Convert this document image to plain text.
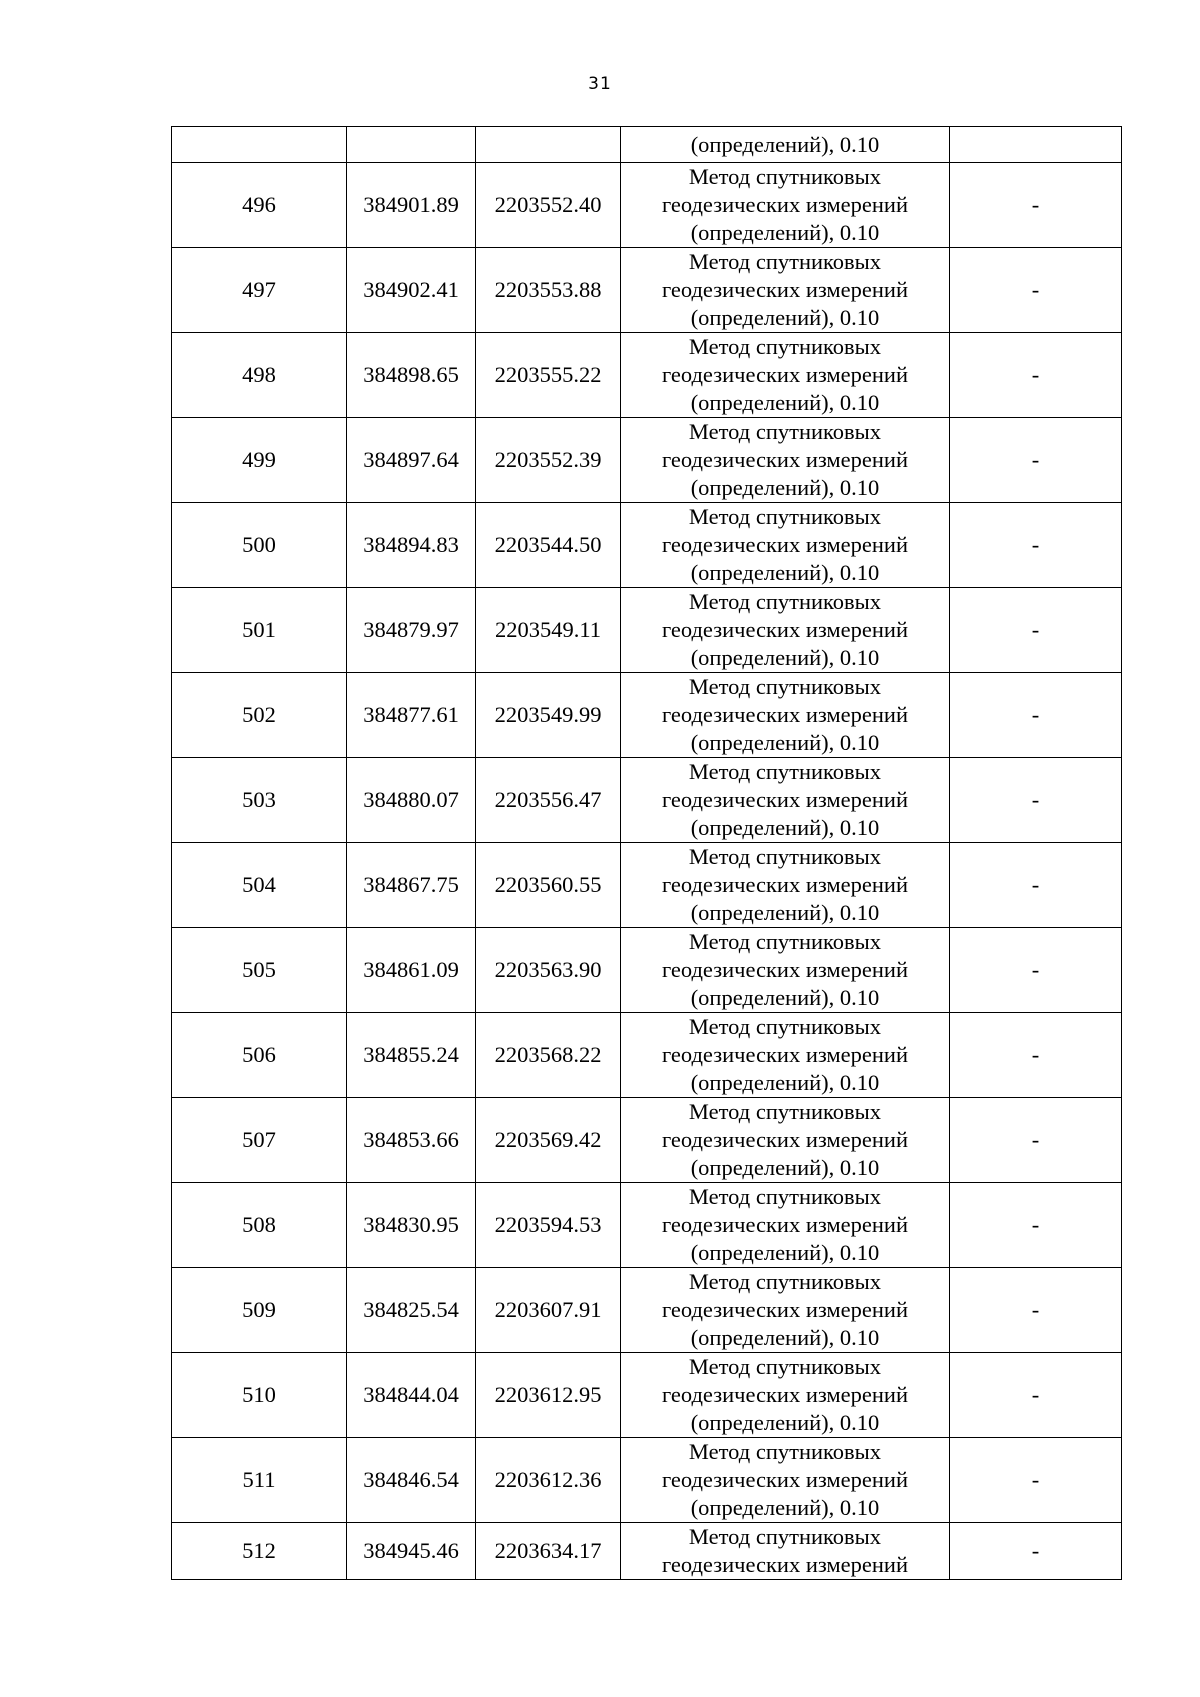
31

			(определений), 0.10	

496	384901.89	2203552.40	Метод спутниковых
геодезических измерений
(определений), 0.10	-
497	384902.41	2203553.88	Метод спутниковых
геодезических измерений
(определений), 0.10	-
498	384898.65	2203555.22	Метод спутниковых
геодезических измерений
(определений), 0.10	-
499	384897.64	2203552.39	Метод спутниковых
геодезических измерений
(определений), 0.10	-
500	384894.83	2203544.50	Метод спутниковых
геодезических измерений
(определений), 0.10	-
501	384879.97	2203549.11	Метод спутниковых
геодезических измерений
(определений), 0.10	-
502	384877.61	2203549.99	Метод спутниковых
геодезических измерений
(определений), 0.10	-
503	384880.07	2203556.47	Метод спутниковых
геодезических измерений
(определений), 0.10	-
504	384867.75	2203560.55	Метод спутниковых
геодезических измерений
(определений), 0.10	-
505	384861.09	2203563.90	Метод спутниковых
геодезических измерений
(определений), 0.10	-
506	384855.24	2203568.22	Метод спутниковых
геодезических измерений
(определений), 0.10	-
507	384853.66	2203569.42	Метод спутниковых
геодезических измерений
(определений), 0.10	-
508	384830.95	2203594.53	Метод спутниковых
геодезических измерений
(определений), 0.10	-
509	384825.54	2203607.91	Метод спутниковых
геодезических измерений
(определений), 0.10	-
510	384844.04	2203612.95	Метод спутниковых
геодезических измерений
(определений), 0.10	-
511	384846.54	2203612.36	Метод спутниковых
геодезических измерений
(определений), 0.10	-
512	384945.46	2203634.17	Метод спутниковых
геодезических измерений	-
